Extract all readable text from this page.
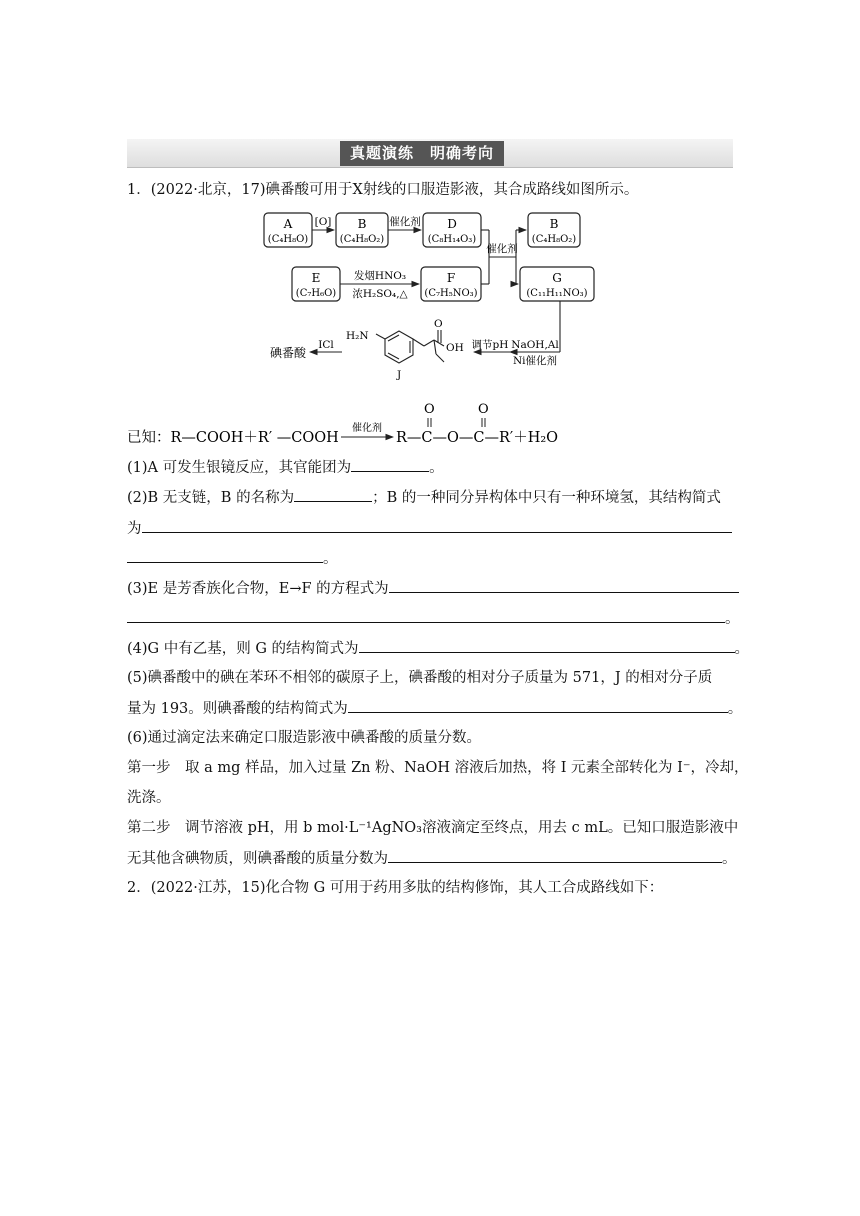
真题演练　明确考向
1．(2022·北京，17)碘番酸可用于X射线的口服造影液，其合成路线如图所示。
A
(C₄H₈O)
B
(C₄H₈O₂)
D
(C₈H₁₄O₃)
B
(C₄H₈O₂)
E
(C₇H₆O)
F
(C₇H₅NO₃)
G
(C₁₁H₁₁NO₃)
[O]	催化剂
催化剂
发烟HNO₃
浓H₂SO₄,△
NaOH,Al
Ni催化剂
调节pH
H₂N
OH
O
J
ICl
碘番酸
已知：R—COOH＋R′ —COOH
催化剂
R—C—O—C—R′＋H₂O
O	O
(1)A 可发生银镜反应，其官能团为	。
(2)B 无支链，B 的名称为	；B 的一种同分异构体中只有一种环境氢，其结构简式
为
。
(3)E 是芳香族化合物，E→F 的方程式为
。
(4)G 中有乙基，则 G 的结构简式为	。
(5)碘番酸中的碘在苯环不相邻的碳原子上，碘番酸的相对分子质量为 571，J 的相对分子质
量为 193。则碘番酸的结构简式为	。
(6)通过滴定法来确定口服造影液中碘番酸的质量分数。
第一步　取 a mg 样品，加入过量 Zn 粉、NaOH 溶液后加热，将 I 元素全部转化为 I⁻，冷却，
洗涤。
第二步　调节溶液 pH，用 b mol·L⁻¹AgNO₃溶液滴定至终点，用去 c mL。已知口服造影液中
无其他含碘物质，则碘番酸的质量分数为	。
2．(2022·江苏，15)化合物 G 可用于药用多肽的结构修饰，其人工合成路线如下：
